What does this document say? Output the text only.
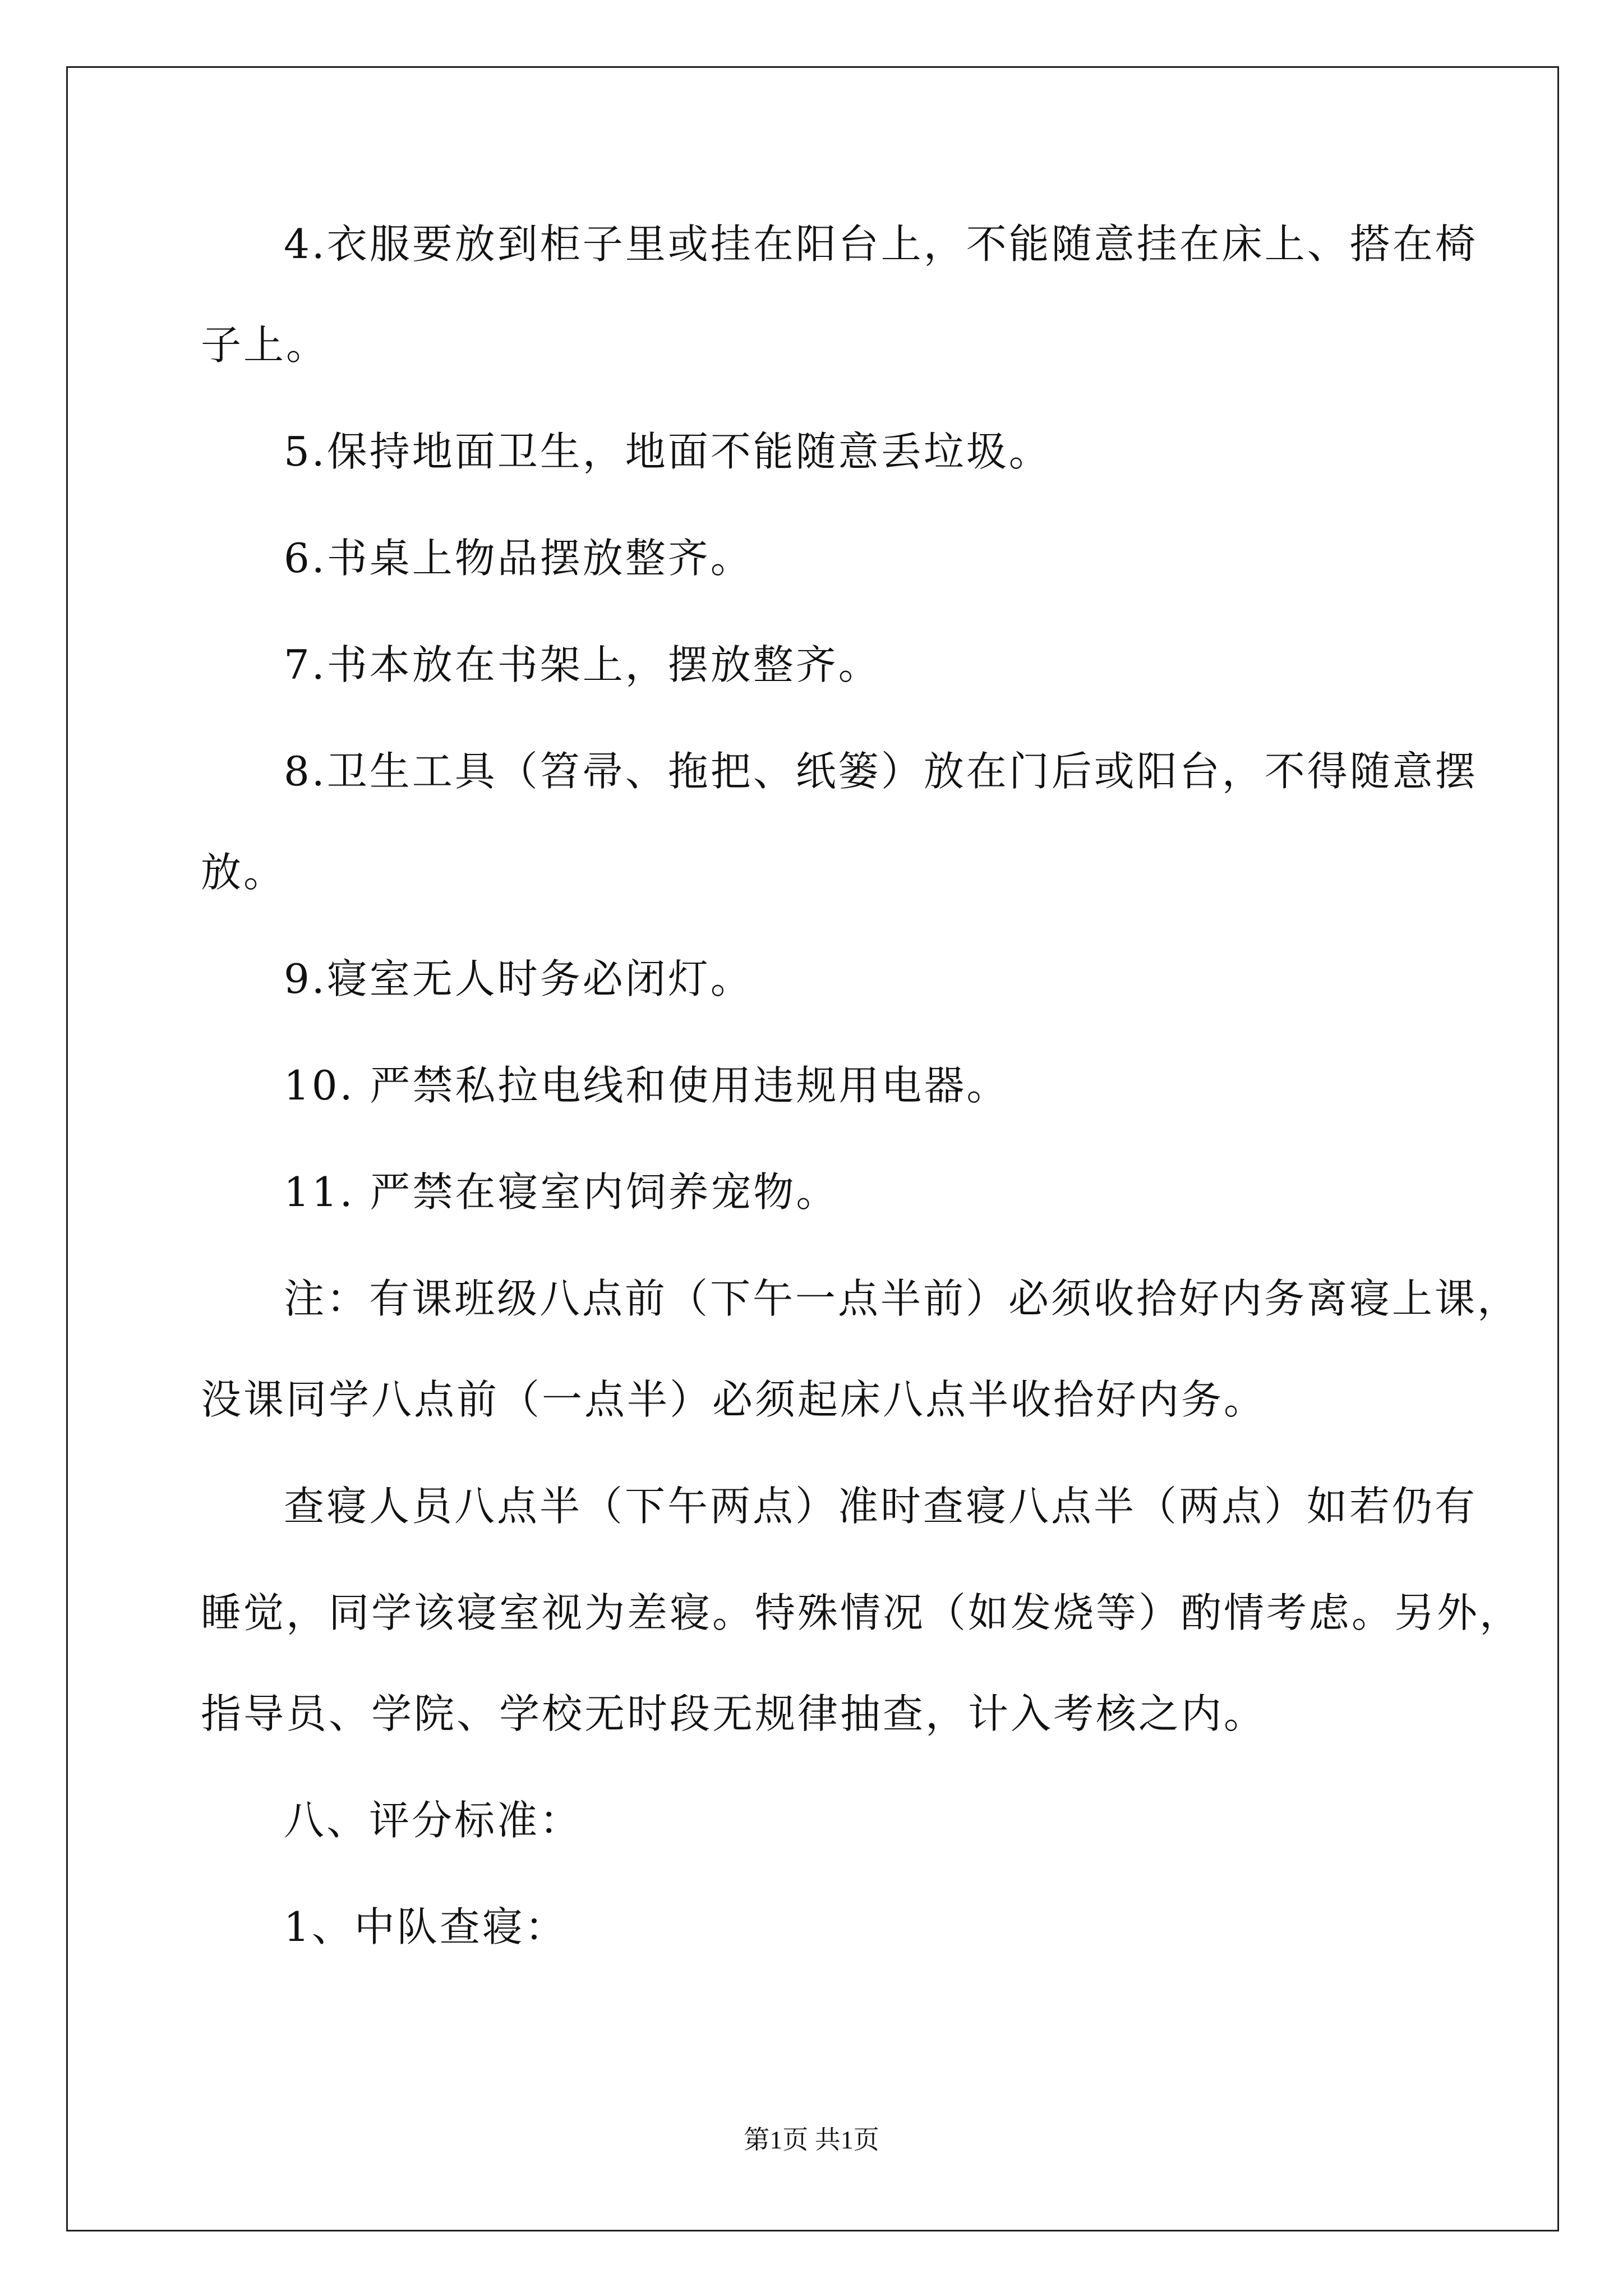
4.衣服要放到柜子里或挂在阳台上，不能随意挂在床上、搭在椅
子上。
5.保持地面卫生，地面不能随意丢垃圾。
6.书桌上物品摆放整齐。
7.书本放在书架上，摆放整齐。
8.卫生工具（笤帚、拖把、纸篓）放在门后或阳台，不得随意摆
放。
9.寝室无人时务必闭灯。
10. 严禁私拉电线和使用违规用电器。
11. 严禁在寝室内饲养宠物。
注：有课班级八点前（下午一点半前）必须收拾好内务离寝上课，
没课同学八点前（一点半）必须起床八点半收拾好内务。
查寝人员八点半（下午两点）准时查寝八点半（两点）如若仍有
睡觉，同学该寝室视为差寝。特殊情况（如发烧等）酌情考虑。另外，
指导员、学院、学校无时段无规律抽查，计入考核之内。
八、评分标准：
1、中队查寝：
第1页 共1页
